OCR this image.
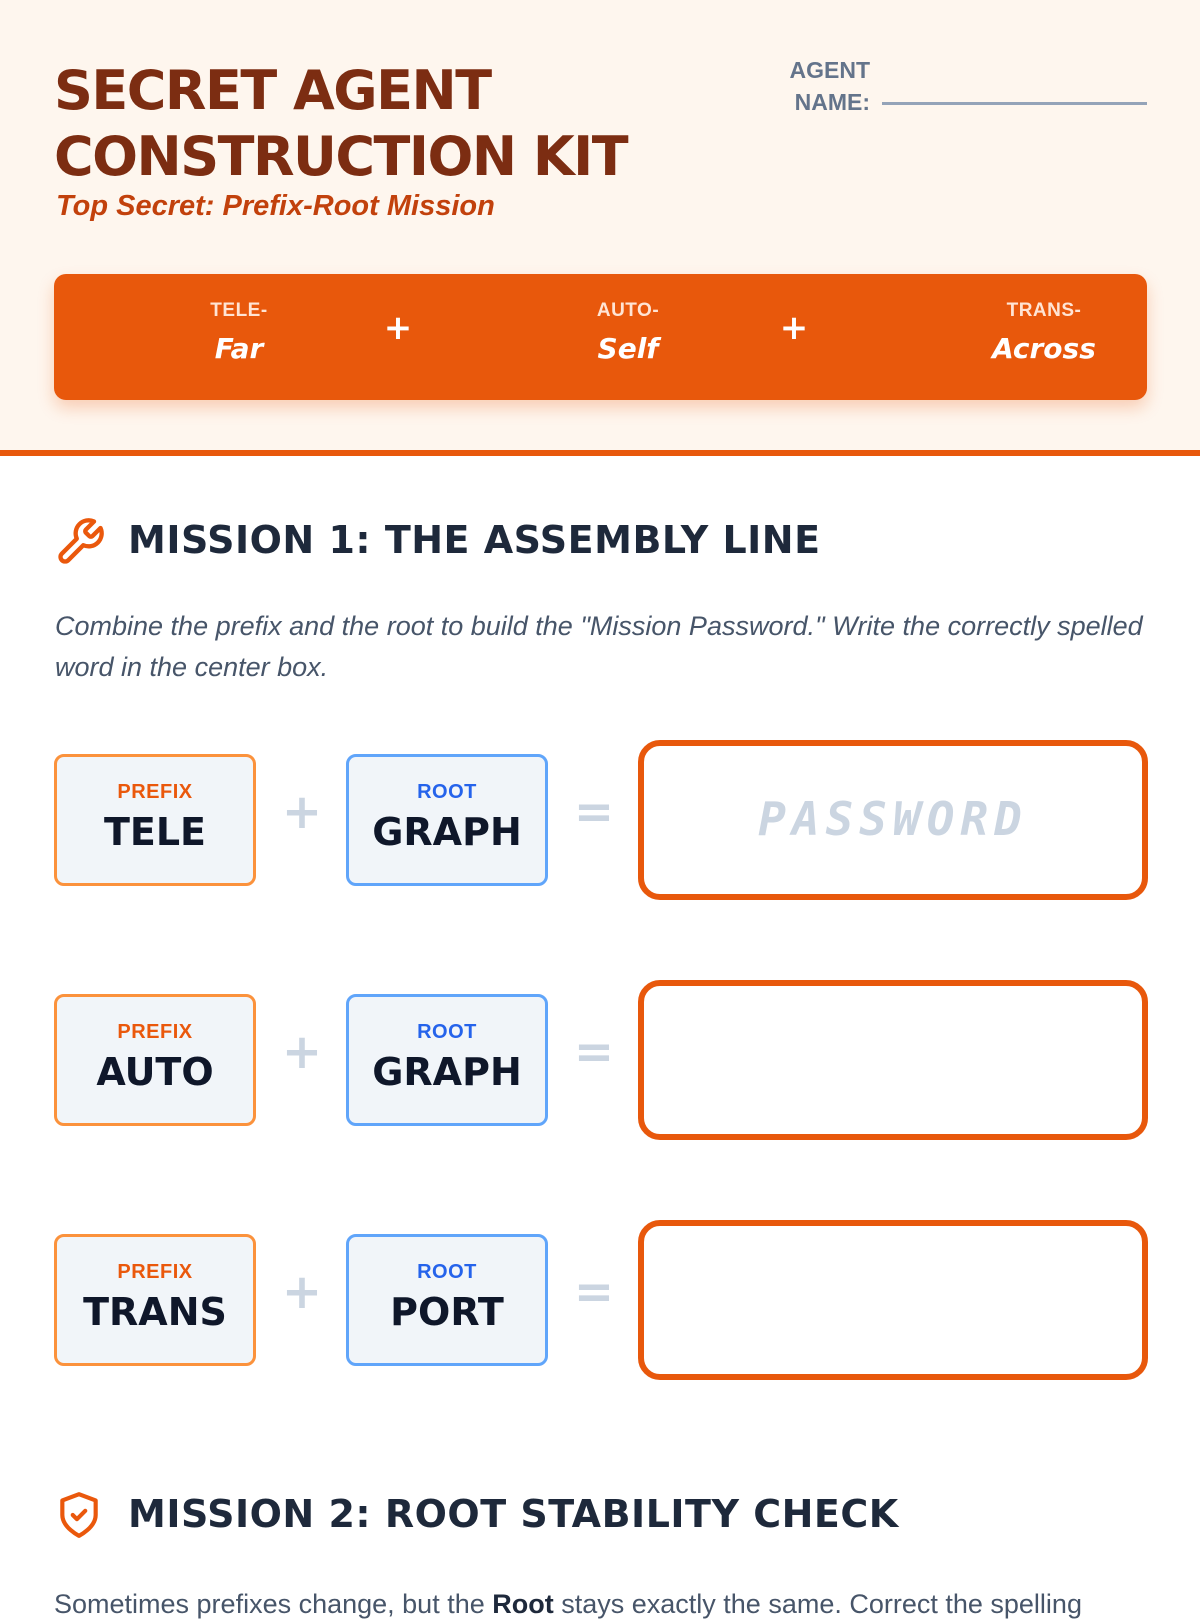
SECRET AGENT
CONSTRUCTION KIT
Top Secret: Prefix-Root Mission
AGENT NAME:
TELE-
Far
+	AUTO-
Self
+	TRANS-
Across
MISSION 1: THE ASSEMBLY LINE

Combine the prefix and the root to build the "Mission Password." Write the correctly spelled word in the center box.

PREFIX
TELE	+	ROOT
GRAPH	=	PASSWORD
PREFIX
AUTO	+	ROOT
GRAPH	=
PREFIX
TRANS	+	ROOT
PORT	=
MISSION 2: ROOT STABILITY CHECK

Sometimes prefixes change, but the Root stays exactly the same. Correct the spelling
